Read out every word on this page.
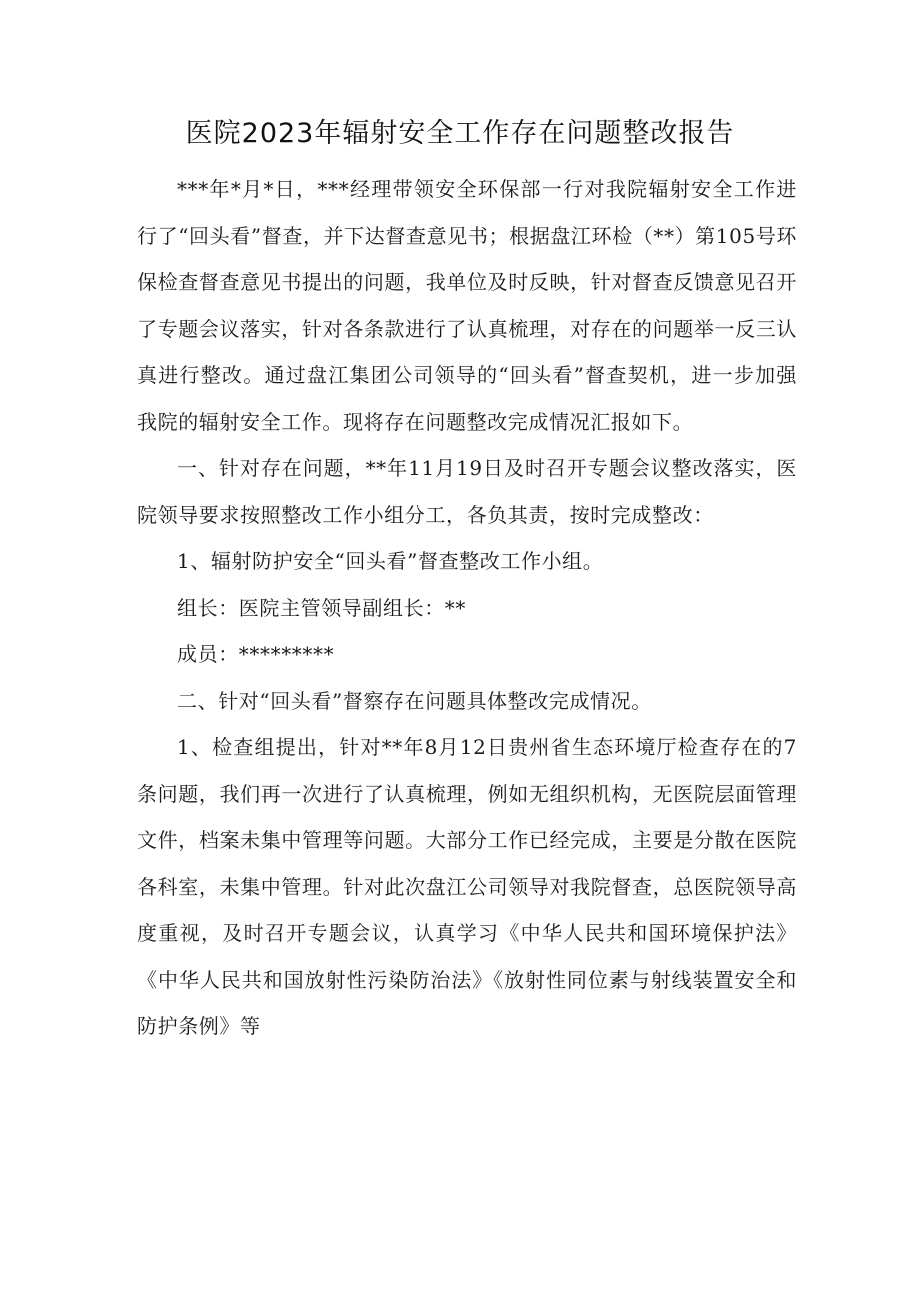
医院2023年辐射安全工作存在问题整改报告

***年*月*日，***经理带领安全环保部一行对我院辐射安全工作进行了“回头看”督查，并下达督查意见书；根据盘江环检（**）第105号环保检查督查意见书提出的问题，我单位及时反映，针对督查反馈意见召开了专题会议落实，针对各条款进行了认真梳理，对存在的问题举一反三认真进行整改。通过盘江集团公司领导的“回头看”督查契机，进一步加强我院的辐射安全工作。现将存在问题整改完成情况汇报如下。

一、针对存在问题，**年11月19日及时召开专题会议整改落实，医院领导要求按照整改工作小组分工，各负其责，按时完成整改：

1、辐射防护安全“回头看”督查整改工作小组。

组长：医院主管领导副组长：**

成员：*********

二、针对“回头看”督察存在问题具体整改完成情况。

1、检查组提出，针对**年8月12日贵州省生态环境厅检查存在的7条问题，我们再一次进行了认真梳理，例如无组织机构，无医院层面管理文件，档案未集中管理等问题。大部分工作已经完成，主要是分散在医院各科室，未集中管理。针对此次盘江公司领导对我院督查，总医院领导高度重视，及时召开专题会议，认真学习《中华人民共和国环境保护法》《中华人民共和国放射性污染防治法》《放射性同位素与射线装置安全和防护条例》等
